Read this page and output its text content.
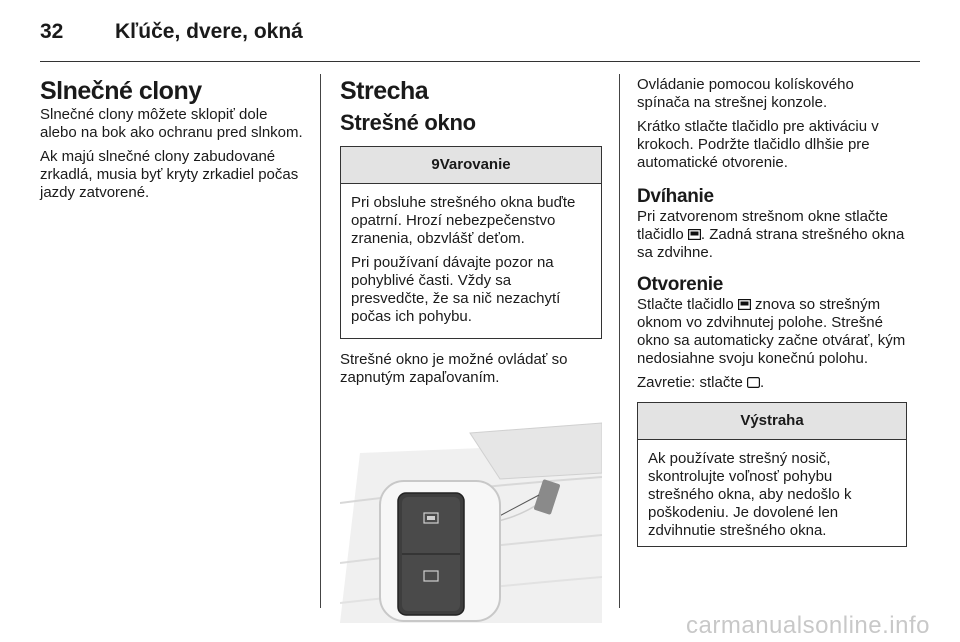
32 Kľúče, dvere, okná
Slnečné clony

Slnečné clony môžete sklopiť dole alebo na bok ako ochranu pred slnkom.

Ak majú slnečné clony zabudované zrkadlá, musia byť kryty zrkadiel počas jazdy zatvorené.

Strecha
Strešné okno
9Varovanie

Pri obsluhe strešného okna buďte opatrní. Hrozí nebezpečenstvo zranenia, obzvlášť deťom.

Pri používaní dávajte pozor na pohyblivé časti. Vždy sa presvedčte, že sa nič nezachytí počas ich pohybu.

Strešné okno je možné ovládať so zapnutým zapaľovaním.

Ovládanie pomocou kolískového spínača na strešnej konzole.

Krátko stlačte tlačidlo pre aktiváciu v krokoch. Podržte tlačidlo dlhšie pre automatické otvorenie.

Dvíhanie

Pri zatvorenom strešnom okne stlačte tlačidlo . Zadná strana strešného okna sa zdvihne.

Otvorenie

Stlačte tlačidlo  znova so strešným oknom vo zdvihnutej polohe. Strešné okno sa automaticky začne otvárať, kým nedosiahne svoju konečnú polohu.

Zavretie: stlačte .

Výstraha

Ak používate strešný nosič, skontrolujte voľnosť pohybu strešného okna, aby nedošlo k poškodeniu. Je dovolené len zdvihnutie strešného okna.

carmanualsonline.info
